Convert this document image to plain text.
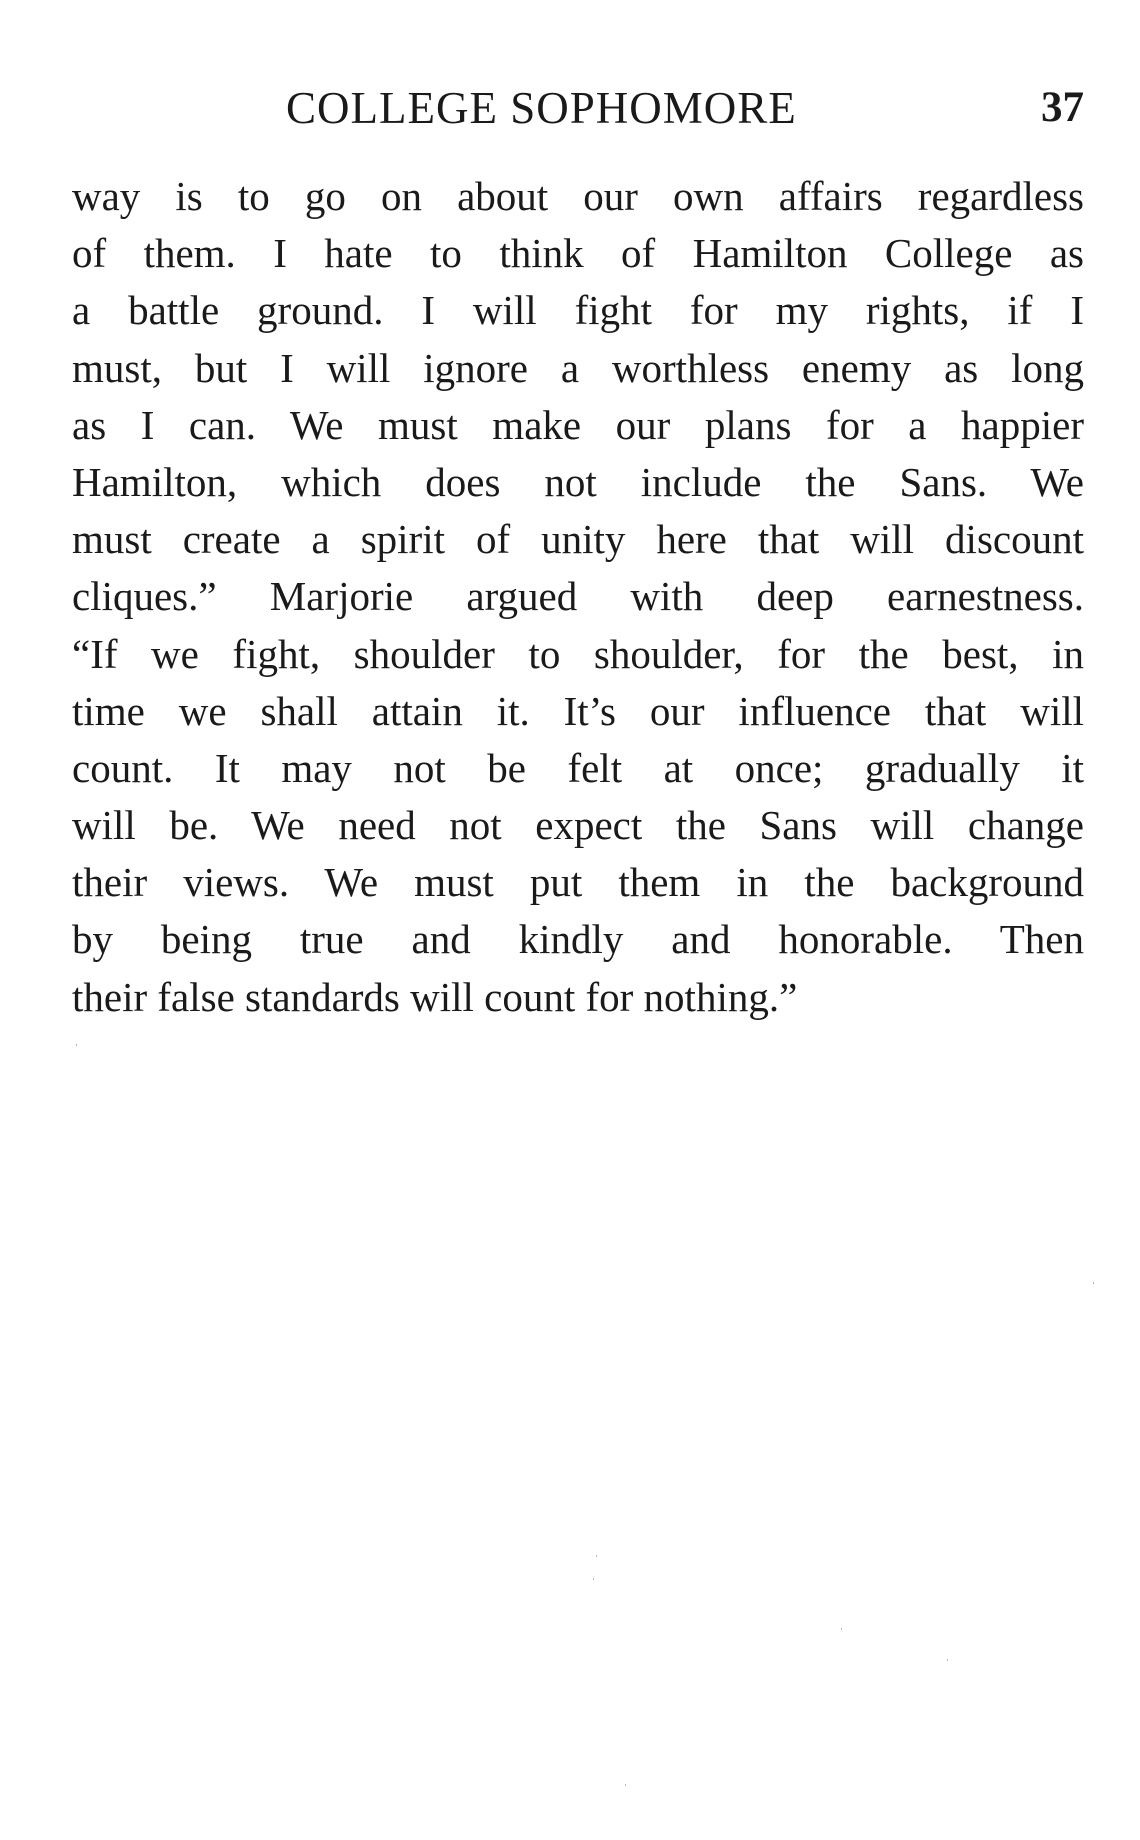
COLLEGE SOPHOMORE	37
way is to go on about our own affairs regardless
of them. I hate to think of Hamilton College as
a battle ground. I will fight for my rights, if I
must, but I will ignore a worthless enemy as long
as I can. We must make our plans for a happier
Hamilton, which does not include the Sans. We
must create a spirit of unity here that will discount
cliques.” Marjorie argued with deep earnestness.
“If we fight, shoulder to shoulder, for the best, in
time we shall attain it. It’s our influence that will
count. It may not be felt at once; gradually it
will be. We need not expect the Sans will change
their views. We must put them in the background
by being true and kindly and honorable. Then
their false standards will count for nothing.”
